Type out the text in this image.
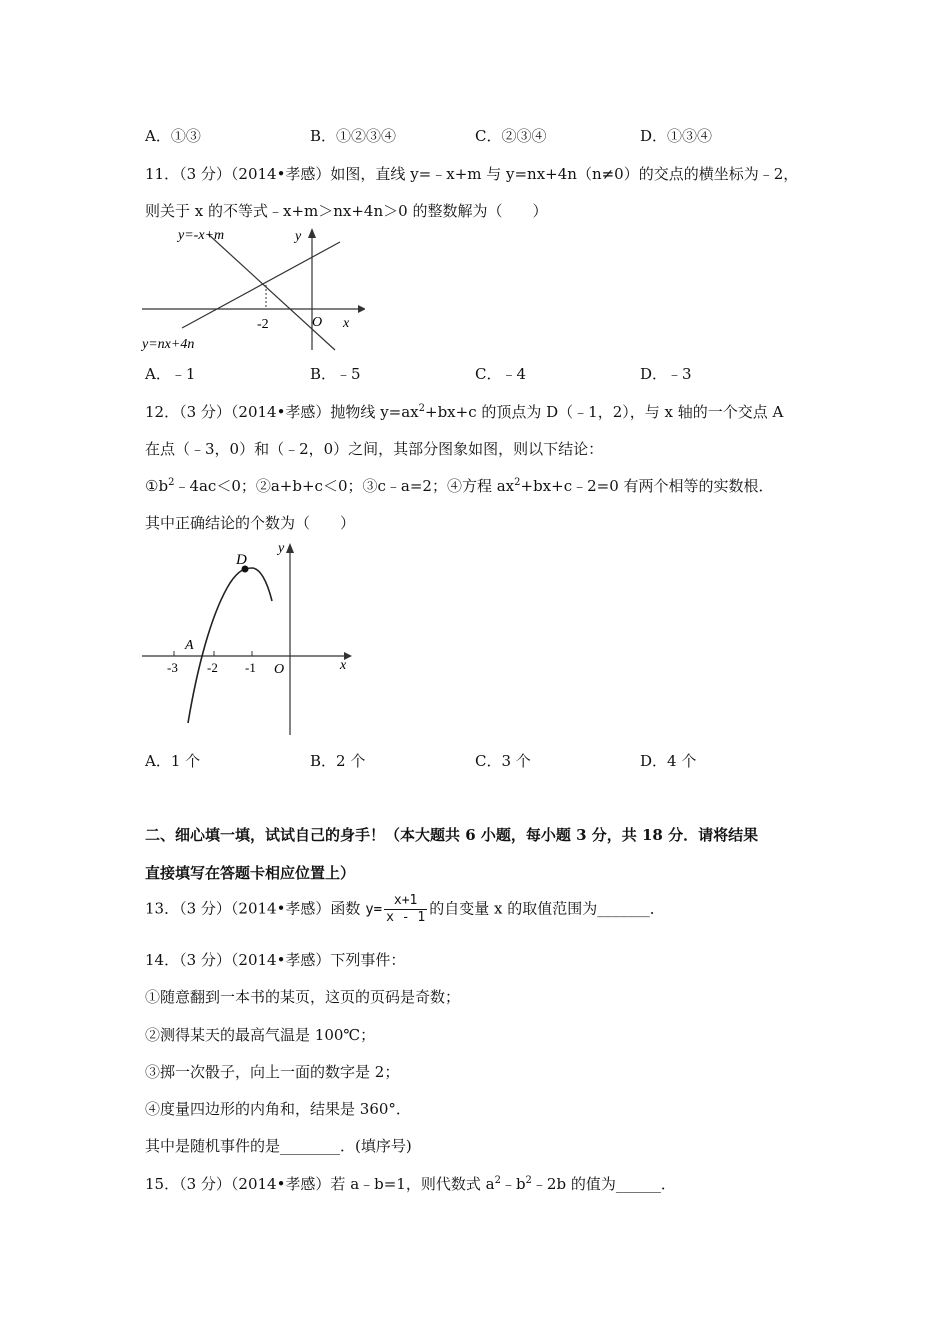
A．①③	B．①②③④	C．②③④	D．①③④
11．（3 分）（2014•孝感）如图，直线 y=﹣x+m 与 y=nx+4n（n≠0）的交点的横坐标为﹣2，
则关于 x 的不等式﹣x+m＞nx+4n＞0 的整数解为（　　）
y=-x+m
y=nx+4n
x
y
O
-2
A．﹣1	B．﹣5	C．﹣4	D．﹣3
12．（3 分）（2014•孝感）抛物线 $y=ax^2+bx+c$ 的顶点为 D（﹣1，2），与 x 轴的一个交点 A
在点（﹣3，0）和（﹣2，0）之间，其部分图象如图，则以下结论：
$①b^2﹣4ac<0$；②a+b+c＜0；③c﹣a=2；④方程 $ax^2+bx+c﹣2=0$ 有两个相等的实数根．
其中正确结论的个数为（　　）
D
A
x
y
O
-3 -2 -1
A．1 个	B．2 个	C．3 个	D．4 个
二、细心填一填，试试自己的身手！（本大题共 6 小题，每小题 3 分，共 18 分．请将结果
直接填写在答题卡相应位置上）
13．（3 分）（2014•孝感）函数 $y= \frac{x+1}{x - 1}$ 的自变量 x 的取值范围为_______．
14．（3 分）（2014•孝感）下列事件：
①随意翻到一本书的某页，这页的页码是奇数；
②测得某天的最高气温是 100℃；
③掷一次骰子，向上一面的数字是 2；
④度量四边形的内角和，结果是 360°．
其中是随机事件的是________．(填序号)
15．（3 分）（2014•孝感）若 a﹣b=1，则代数式 $a^2﹣b^2﹣2b$ 的值为______．
